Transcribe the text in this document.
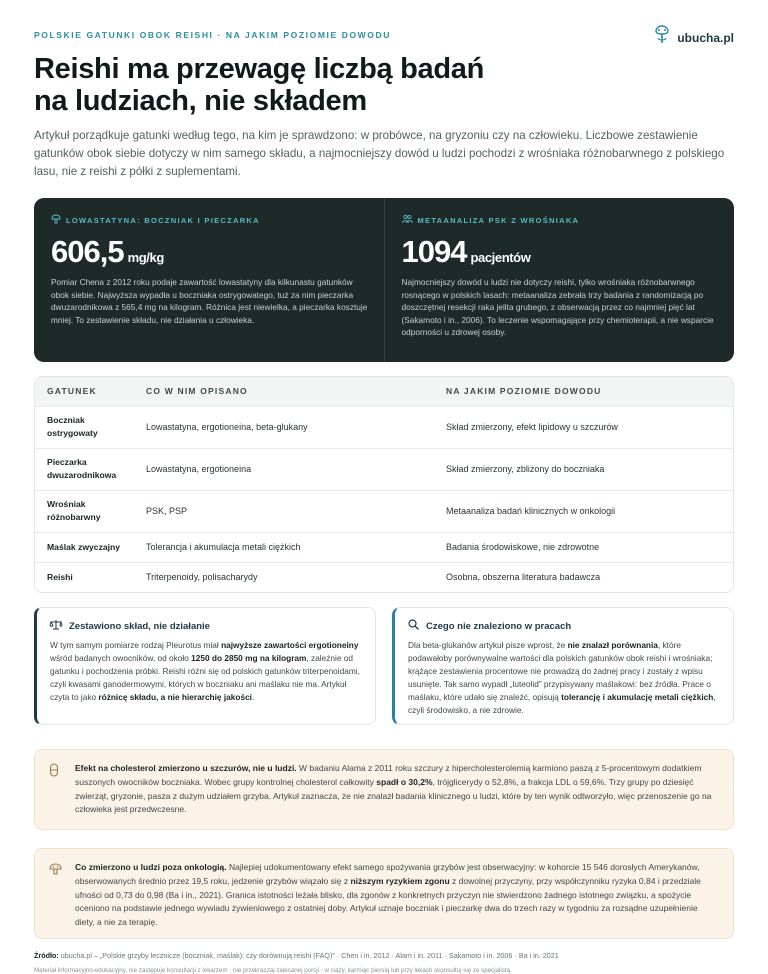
POLSKIE GATUNKI OBOK REISHI · NA JAKIM POZIOMIE DOWODU	ubucha.pl
Reishi ma przewagę liczbą badań
na ludziach, nie składem

Artykuł porządkuje gatunki według tego, na kim je sprawdzono: w probówce, na gryzoniu czy na człowieku. Liczbowe zestawienie gatunków obok siebie dotyczy w nim samego składu, a najmocniejszy dowód u ludzi pochodzi z wrośniaka różnobarwnego z polskiego lasu, nie z reishi z półki z suplementami.

LOWASTATYNA: BOCZNIAK I PIECZARKA
606,5 mg/kg

Pomiar Chena z 2012 roku podaje zawartość lowastatyny dla kilkunastu gatunków obok siebie. Najwyższa wypadła u boczniaka ostrygowatego, tuż za nim pieczarka dwuzarodnikowa z 565,4 mg na kilogram. Różnica jest niewielka, a pieczarka kosztuje mniej. To zestawienie składu, nie działania u człowieka.

METAANALIZA PSK Z WROŚNIAKA
1094 pacjentów

Najmocniejszy dowód u ludzi nie dotyczy reishi, tylko wrośniaka różnobarwnego rosnącego w polskich lasach: metaanaliza zebrała trzy badania z randomizacją po doszczętnej resekcji raka jelita grubego, z obserwacją przez co najmniej pięć lat (Sakamoto i in., 2006). To leczenie wspomagające przy chemioterapii, a nie wsparcie odporności u zdrowej osoby.

GATUNEK	CO W NIM OPISANO	NA JAKIM POZIOMIE DOWODU
Boczniak ostrygowaty	Lowastatyna, ergotioneina, beta-glukany	Skład zmierzony, efekt lipidowy u szczurów
Pieczarka dwuzarodnikowa	Lowastatyna, ergotioneina	Skład zmierzony, zbliżony do boczniaka
Wrośniak różnobarwny	PSK, PSP	Metaanaliza badań klinicznych w onkologii
Maślak zwyczajny	Tolerancja i akumulacja metali ciężkich	Badania środowiskowe, nie zdrowotne
Reishi	Triterpenoidy, polisacharydy	Osobna, obszerna literatura badawcza
Zestawiono skład, nie działanie

W tym samym pomiarze rodzaj Pleurotus miał najwyższe zawartości ergotioneiny wśród badanych owocników, od około 1250 do 2850 mg na kilogram, zależnie od gatunku i pochodzenia próbki. Reishi różni się od polskich gatunków triterpenoidami, czyli kwasami ganodermowymi, których w boczniaku ani maślaku nie ma. Artykuł czyta to jako różnicę składu, a nie hierarchię jakości.

Czego nie znaleziono w pracach

Dla beta-glukanów artykuł pisze wprost, że nie znalazł porównania, które podawałoby porównywalne wartości dla polskich gatunków obok reishi i wrośniaka; krążące zestawienia procentowe nie prowadzą do żadnej pracy i zostały z wpisu usunięte. Tak samo wypadł „luteolid” przypisywany maślakowi: bez źródła. Prace o maślaku, które udało się znaleźć, opisują tolerancję i akumulację metali ciężkich, czyli środowisko, a nie zdrowie.

Efekt na cholesterol zmierzono u szczurów, nie u ludzi. W badaniu Alama z 2011 roku szczury z hipercholesterolemią karmiono paszą z 5-procentowym dodatkiem suszonych owocników boczniaka. Wobec grupy kontrolnej cholesterol całkowity spadł o 30,2%, trójglicerydy o 52,8%, a frakcja LDL o 59,6%. Trzy grupy po dziesięć zwierząt, gryzonie, pasza z dużym udziałem grzyba. Artykuł zaznacza, że nie znalazł badania klinicznego u ludzi, które by ten wynik odtworzyło, więc przenoszenie go na człowieka jest przedwczesne.

Co zmierzono u ludzi poza onkologią. Najlepiej udokumentowany efekt samego spożywania grzybów jest obserwacyjny: w kohorcie 15 546 dorosłych Amerykanów, obserwowanych średnio przez 19,5 roku, jedzenie grzybów wiązało się z niższym ryzykiem zgonu z dowolnej przyczyny, przy współczynniku ryzyka 0,84 i przedziale ufności od 0,73 do 0,98 (Ba i in., 2021). Granica istotności leżała blisko, dla zgonów z konkretnych przyczyn nie stwierdzono żadnego istotnego związku, a spożycie oceniono na podstawie jednego wywiadu żywieniowego z ostatniej doby. Artykuł uznaje boczniak i pieczarkę dwa do trzech razy w tygodniu za rozsądne uzupełnienie diety, a nie za terapię.

Źródło: ubucha.pl – „Polskie grzyby lecznicze (boczniak, maślak): czy dorównują reishi (FAQ)” · Chen i in. 2012 · Alam i in. 2011 · Sakamoto i in. 2006 · Ba i in. 2021

Materiał informacyjno-edukacyjny, nie zastępuje konsultacji z lekarzem · nie przekraczaj zalecanej porcji · w ciąży, karmiąc piersią lub przy lekach skonsultuj się ze specjalistą.
